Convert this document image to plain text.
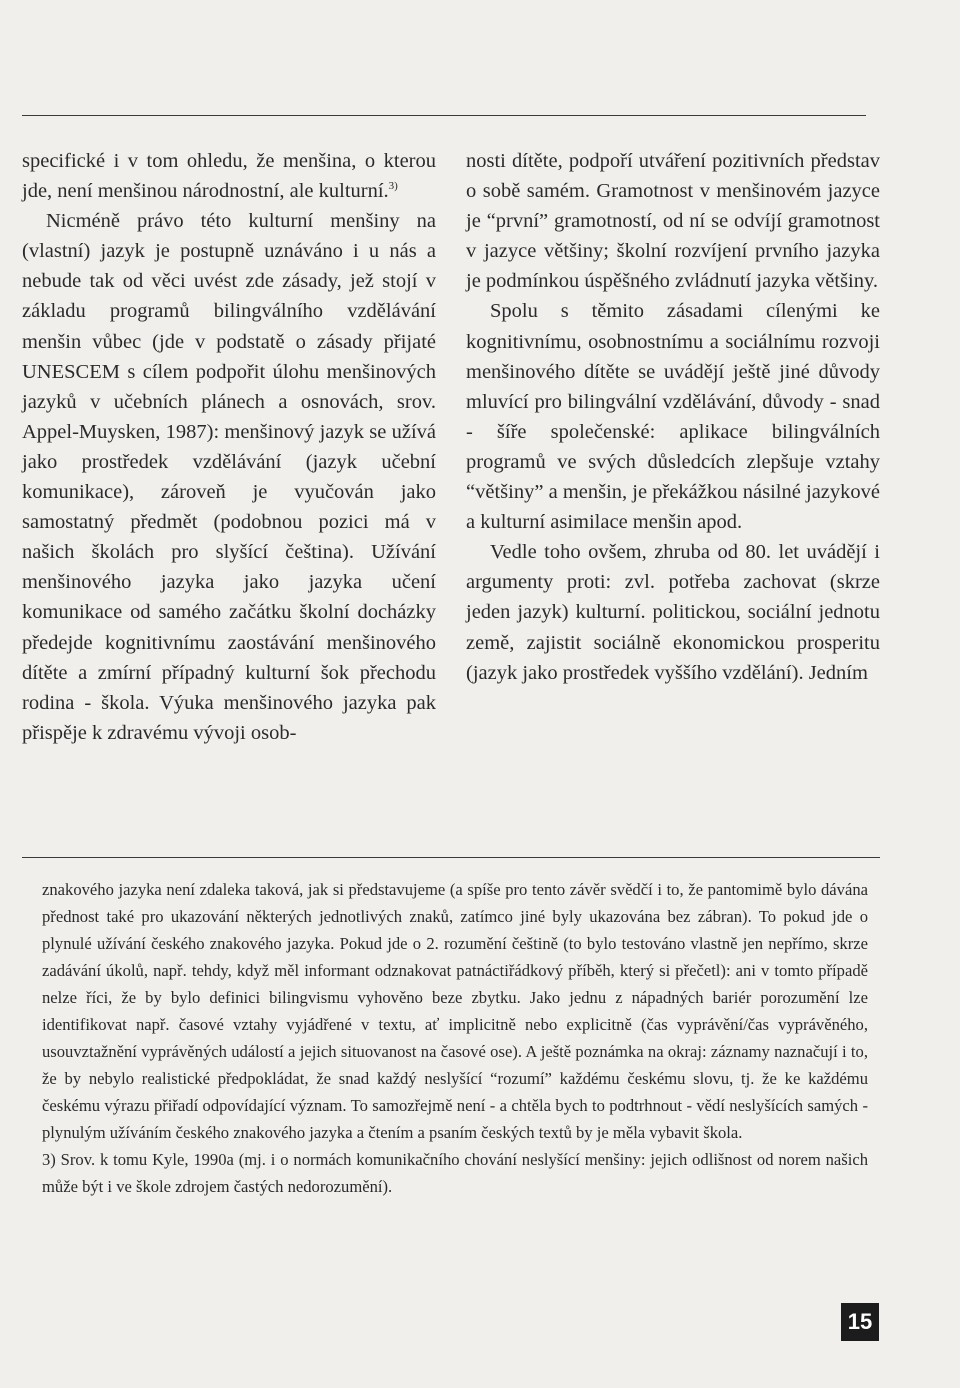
specifické i v tom ohledu, že menšina, o kterou jde, není menšinou národnostní, ale kulturní.$^{3)}$

Nicméně právo této kulturní menšiny na (vlastní) jazyk je postupně uznáváno i u nás a nebude tak od věci uvést zde zásady, jež stojí v základu programů bilingválního vzdělávání menšin vůbec (jde v podstatě o zásady přijaté UNESCEM s cílem podpořit úlohu menšinových jazyků v učebních plánech a osnovách, srov. Appel-Muysken, 1987): menšinový jazyk se užívá jako prostředek vzdělávání (jazyk učební komunikace), zároveň je vyučován jako samostatný předmět (podobnou pozici má v našich školách pro slyšící čeština). Užívání menšinového jazyka jako jazyka učení komunikace od samého začátku školní docházky předejde kognitivnímu zaostávání menšinového dítěte a zmírní případný kulturní šok přechodu rodina - škola. Výuka menšinového jazyka pak přispěje k zdravému vývoji osob-

nosti dítěte, podpoří utváření pozitivních představ o sobě samém. Gramotnost v menšinovém jazyce je “první” gramotností, od ní se odvíjí gramotnost v jazyce většiny; školní rozvíjení prvního jazyka je podmínkou úspěšného zvládnutí jazyka většiny.

Spolu s těmito zásadami cílenými ke kognitivnímu, osobnostnímu a sociálnímu rozvoji menšinového dítěte se uvádějí ještě jiné důvody mluvící pro bilingvální vzdělávání, důvody - snad - šíře společenské: aplikace bilingválních programů ve svých důsledcích zlepšuje vztahy “většiny” a menšin, je překážkou násilné jazykové a kulturní asimilace menšin apod.

Vedle toho ovšem, zhruba od 80. let uvádějí i argumenty proti: zvl. potřeba zachovat (skrze jeden jazyk) kulturní. politickou, sociální jednotu země, zajistit sociálně ekonomickou prosperitu (jazyk jako prostředek vyššího vzdělání). Jedním

znakového jazyka není zdaleka taková, jak si představujeme (a spíše pro tento závěr svědčí i to, že pantomimě bylo dávána přednost také pro ukazování některých jednotlivých znaků, zatímco jiné byly ukazována bez zábran). To pokud jde o plynulé užívání českého znakového jazyka. Pokud jde o 2. rozumění češtině (to bylo testováno vlastně jen nepřímo, skrze zadávání úkolů, např. tehdy, když měl informant odznakovat patnáctiřádkový příběh, který si přečetl): ani v tomto případě nelze říci, že by bylo definici bilingvismu vyhověno beze zbytku. Jako jednu z nápadných bariér porozumění lze identifikovat např. časové vztahy vyjádřené v textu, ať implicitně nebo explicitně (čas vyprávění/čas vyprávěného, usouvztažnění vyprávěných událostí a jejich situovanost na časové ose). A ještě poznámka na okraj: záznamy naznačují i to, že by nebylo realistické předpokládat, že snad každý neslyšící “rozumí” každému českému slovu, tj. že ke každému českému výrazu přiřadí odpovídající význam. To samozřejmě není - a chtěla bych to podtrhnout - vědí neslyšících samých - plynulým užíváním českého znakového jazyka a čtením a psaním českých textů by je měla vybavit škola.

3) Srov. k tomu Kyle, 1990a (mj. i o normách komunikačního chování neslyšící menšiny: jejich odlišnost od norem našich může být i ve škole zdrojem častých nedorozumění).

15
